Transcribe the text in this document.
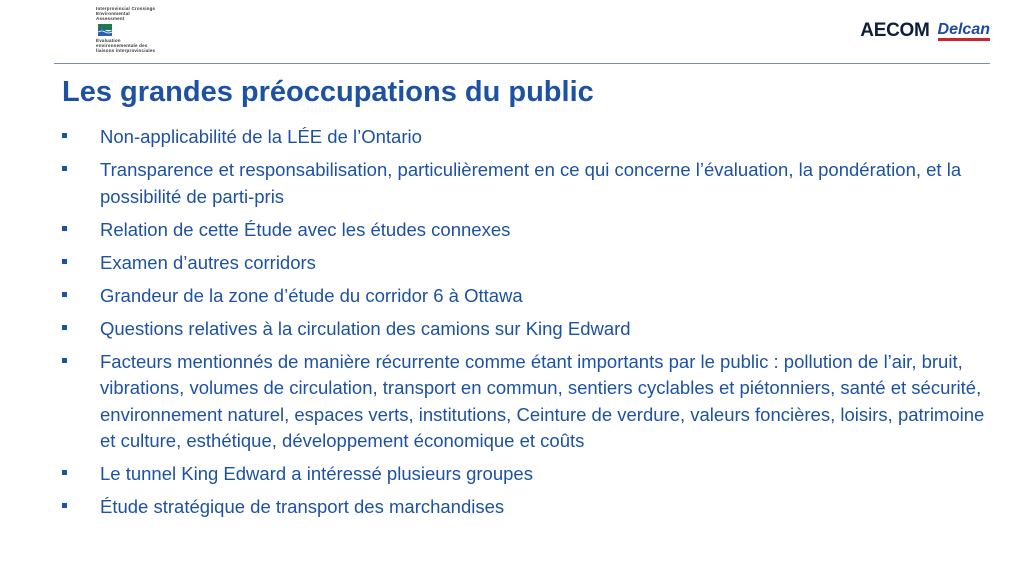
Interprovincial Crossings
Environmental
Assessment
Évaluation
environnementale des
liaisons interprovinciales
AECOM Delcan
Les grandes préoccupations du public
Non-applicabilité de la LÉE de l’Ontario
Transparence et responsabilisation, particulièrement en ce qui concerne l’évaluation, la pondération, et la possibilité de parti-pris
Relation de cette Étude avec les études connexes
Examen d’autres corridors
Grandeur de la zone d’étude du corridor 6 à Ottawa
Questions relatives à la circulation des camions sur King Edward
Facteurs mentionnés de manière récurrente comme étant importants par le public : pollution de l’air, bruit, vibrations, volumes de circulation, transport en commun, sentiers cyclables et piétonniers, santé et sécurité, environnement naturel, espaces verts, institutions, Ceinture de verdure, valeurs foncières, loisirs, patrimoine et culture, esthétique, développement économique et coûts
Le tunnel King Edward a intéressé plusieurs groupes
Étude stratégique de transport des marchandises
